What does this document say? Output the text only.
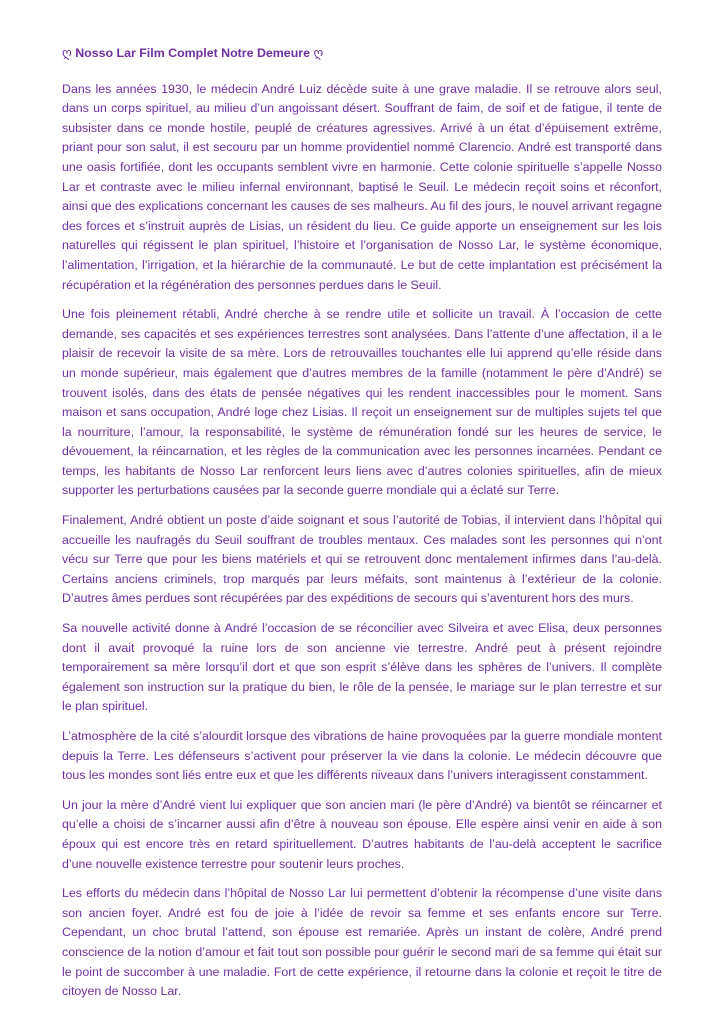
ღ Nosso Lar Film Complet Notre Demeure ღ

Dans les années 1930, le médecin André Luiz décède suite à une grave maladie. Il se retrouve alors seul, dans un corps spirituel, au milieu d’un angoissant désert. Souffrant de faim, de soif et de fatigue, il tente de subsister dans ce monde hostile, peuplé de créatures agressives. Arrivé à un état d’épuisement extrême, priant pour son salut, il est secouru par un homme providentiel nommé Clarencio. André est transporté dans une oasis fortifiée, dont les occupants semblent vivre en harmonie. Cette colonie spirituelle s’appelle Nosso Lar et contraste avec le milieu infernal environnant, baptisé le Seuil. Le médecin reçoit soins et réconfort, ainsi que des explications concernant les causes de ses malheurs. Au fil des jours, le nouvel arrivant regagne des forces et s’instruit auprès de Lisias, un résident du lieu. Ce guide apporte un enseignement sur les lois naturelles qui régissent le plan spirituel, l’histoire et l’organisation de Nosso Lar, le système économique, l’alimentation, l’irrigation, et la hiérarchie de la communauté. Le but de cette implantation est précisément la récupération et la régénération des personnes perdues dans le Seuil.

Une fois pleinement rétabli, André cherche à se rendre utile et sollicite un travail. À l’occasion de cette demande, ses capacités et ses expériences terrestres sont analysées. Dans l’attente d’une affectation, il a le plaisir de recevoir la visite de sa mère. Lors de retrouvailles touchantes elle lui apprend qu’elle réside dans un monde supérieur, mais également que d’autres membres de la famille (notamment le père d’André) se trouvent isolés, dans des états de pensée négatives qui les rendent inaccessibles pour le moment. Sans maison et sans occupation, André loge chez Lisias. Il reçoit un enseignement sur de multiples sujets tel que la nourriture, l’amour, la responsabilité, le système de rémunération fondé sur les heures de service, le dévouement, la réincarnation, et les règles de la communication avec les personnes incarnées. Pendant ce temps, les habitants de Nosso Lar renforcent leurs liens avec d’autres colonies spirituelles, afin de mieux supporter les perturbations causées par la seconde guerre mondiale qui a éclaté sur Terre.

Finalement, André obtient un poste d’aide soignant et sous l’autorité de Tobias, il intervient dans l’hôpital qui accueille les naufragés du Seuil souffrant de troubles mentaux. Ces malades sont les personnes qui n’ont vécu sur Terre que pour les biens matériels et qui se retrouvent donc mentalement infirmes dans l’au-delà. Certains anciens criminels, trop marqués par leurs méfaits, sont maintenus à l’extérieur de la colonie. D’autres âmes perdues sont récupérées par des expéditions de secours qui s’aventurent hors des murs.

Sa nouvelle activité donne à André l’occasion de se réconcilier avec Silveira et avec Elisa, deux personnes dont il avait provoqué la ruine lors de son ancienne vie terrestre. André peut à présent rejoindre temporairement sa mère lorsqu’il dort et que son esprit s’élève dans les sphères de l’univers. Il complète également son instruction sur la pratique du bien, le rôle de la pensée, le mariage sur le plan terrestre et sur le plan spirituel.

L’atmosphère de la cité s’alourdit lorsque des vibrations de haine provoquées par la guerre mondiale montent depuis la Terre. Les défenseurs s’activent pour préserver la vie dans la colonie. Le médecin découvre que tous les mondes sont liés entre eux et que les différents niveaux dans l’univers interagissent constamment.

Un jour la mère d’André vient lui expliquer que son ancien mari (le père d’André) va bientôt se réincarner et qu’elle a choisi de s’incarner aussi afin d’être à nouveau son épouse. Elle espère ainsi venir en aide à son époux qui est encore très en retard spirituellement. D’autres habitants de l’au-delà acceptent le sacrifice d’une nouvelle existence terrestre pour soutenir leurs proches.

Les efforts du médecin dans l’hôpital de Nosso Lar lui permettent d’obtenir la récompense d’une visite dans son ancien foyer. André est fou de joie à l’idée de revoir sa femme et ses enfants encore sur Terre. Cependant, un choc brutal l’attend, son épouse est remariée. Après un instant de colère, André prend conscience de la notion d’amour et fait tout son possible pour guérir le second mari de sa femme qui était sur le point de succomber à une maladie. Fort de cette expérience, il retourne dans la colonie et reçoit le titre de citoyen de Nosso Lar.
